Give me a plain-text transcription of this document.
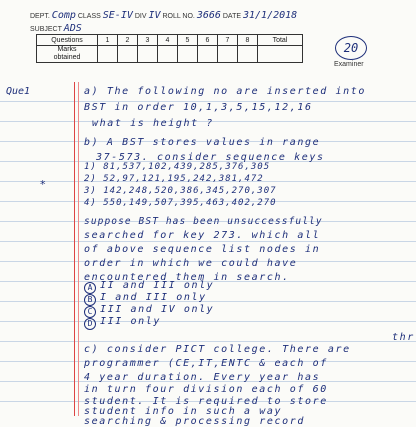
DEPT. Comp CLASS SE-IV DIV IV ROLL NO. 3666 DATE 31/1/2018
SUBJECT ADS
Questions	1	2	3	4	5	6	7	8	Total
Marks
obtained									
20
Examiner
Que1
*
a) The following no are inserted into
BST in order 10,1,3,5,15,12,16
what is height ?
b) A BST stores values in range
37-573. consider sequence keys
1) 81,537,102,439,285,376,305
2) 52,97,121,195,242,381,472
3) 142,248,520,386,345,270,307
4) 550,149,507,395,463,402,270
suppose BST has been unsuccessfully
searched for key 273. which all
of above sequence list nodes in
order in which we could have
encountered them in search.
A II and III only
B I and III only
C III and IV only
D III only
thr
c) consider PICT college. There are
programmer (CE,IT,ENTC & each of
4 year duration. Every year has
in turn four division each of 60
student. It is required to store
student info in such a way
searching & processing record
